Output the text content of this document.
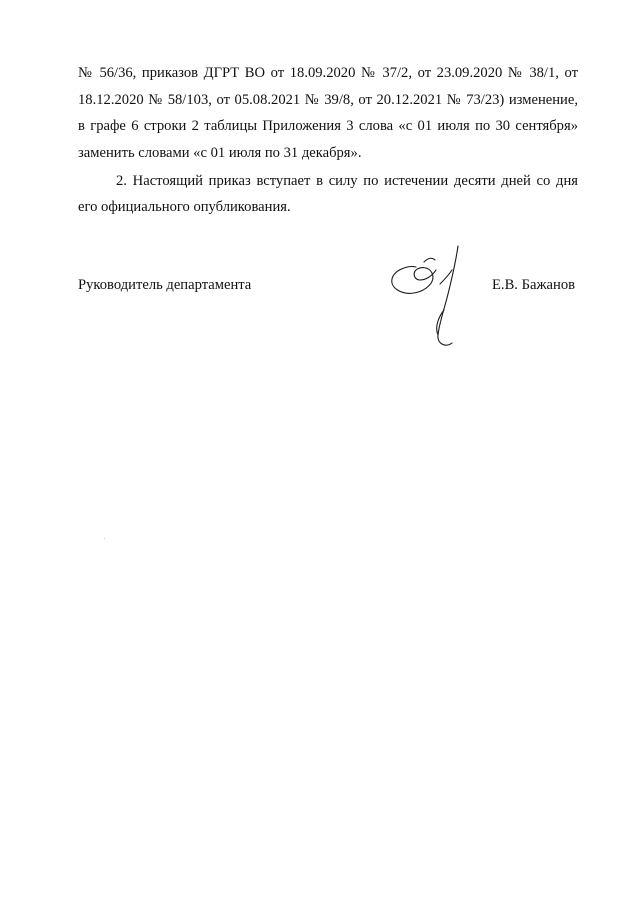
№ 56/36, приказов ДГРТ ВО от 18.09.2020 № 37/2, от 23.09.2020 № 38/1, от
18.12.2020 № 58/103, от 05.08.2021 № 39/8, от 20.12.2021 № 73/23) изменение,
в графе 6 строки 2 таблицы Приложения 3 слова «с 01 июля по 30 сентября»
заменить словами «с 01 июля по 31 декабря».
2. Настоящий приказ вступает в силу по истечении десяти дней со дня
его официального опубликования.
Руководитель департамента	Е.В. Бажанов
